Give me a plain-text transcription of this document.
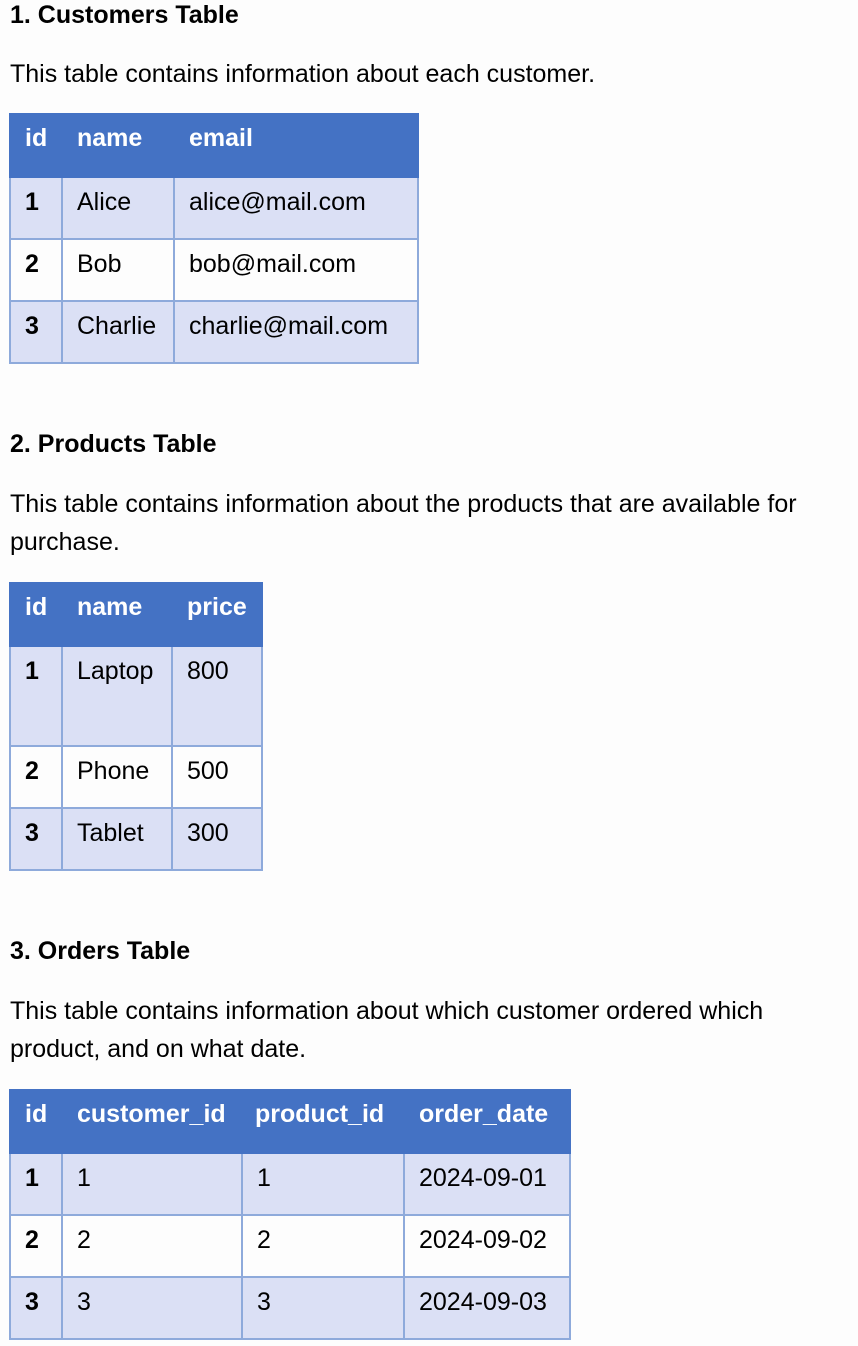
1. Customers Table

This table contains information about each customer.

id	name	email
1	Alice	alice@mail.com
2	Bob	bob@mail.com
3	Charlie	charlie@mail.com
2. Products Table

This table contains information about the products that are available for

purchase.

id	name	price
1	Laptop	800
2	Phone	500
3	Tablet	300
3. Orders Table

This table contains information about which customer ordered which

product, and on what date.

id	customer_id	product_id	order_date
1	1	1	2024-09-01
2	2	2	2024-09-02
3	3	3	2024-09-03
